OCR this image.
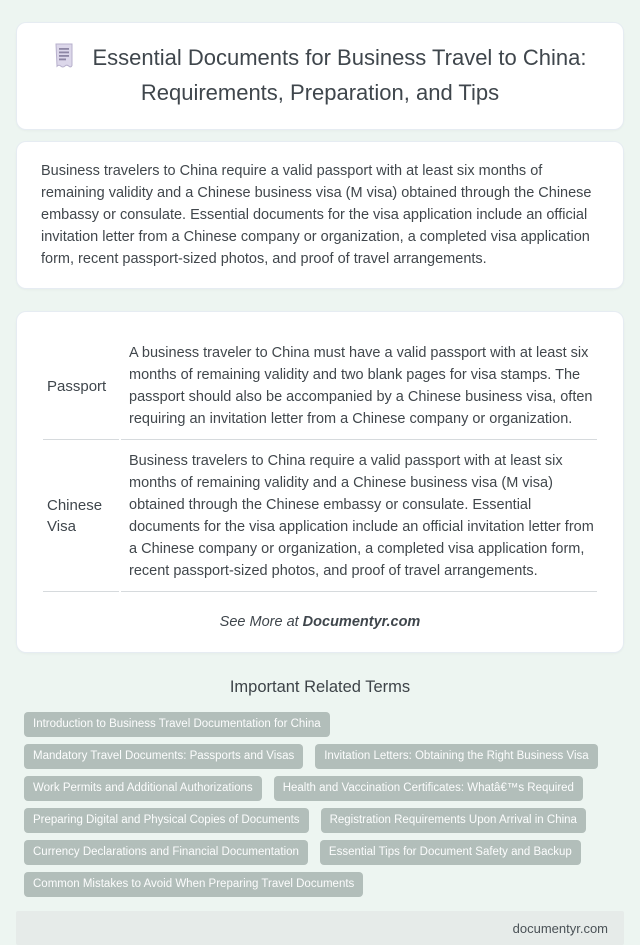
Essential Documents for Business Travel to China: Requirements, Preparation, and Tips

Business travelers to China require a valid passport with at least six months of remaining validity and a Chinese business visa (M visa) obtained through the Chinese embassy or consulate. Essential documents for the visa application include an official invitation letter from a Chinese company or organization, a completed visa application form, recent passport-sized photos, and proof of travel arrangements.

Passport	A business traveler to China must have a valid passport with at least six months of remaining validity and two blank pages for visa stamps. The passport should also be accompanied by a Chinese business visa, often requiring an invitation letter from a Chinese company or organization.
Chinese Visa	Business travelers to China require a valid passport with at least six months of remaining validity and a Chinese business visa (M visa) obtained through the Chinese embassy or consulate. Essential documents for the visa application include an official invitation letter from a Chinese company or organization, a completed visa application form, recent passport-sized photos, and proof of travel arrangements.

See More at Documentyr.com

Important Related Terms
Introduction to Business Travel Documentation for China
Mandatory Travel Documents: Passports and Visas	Invitation Letters: Obtaining the Right Business Visa
Work Permits and Additional Authorizations	Health and Vaccination Certificates: Whatâ€™s Required
Preparing Digital and Physical Copies of Documents	Registration Requirements Upon Arrival in China
Currency Declarations and Financial Documentation	Essential Tips for Document Safety and Backup
Common Mistakes to Avoid When Preparing Travel Documents
documentyr.com
